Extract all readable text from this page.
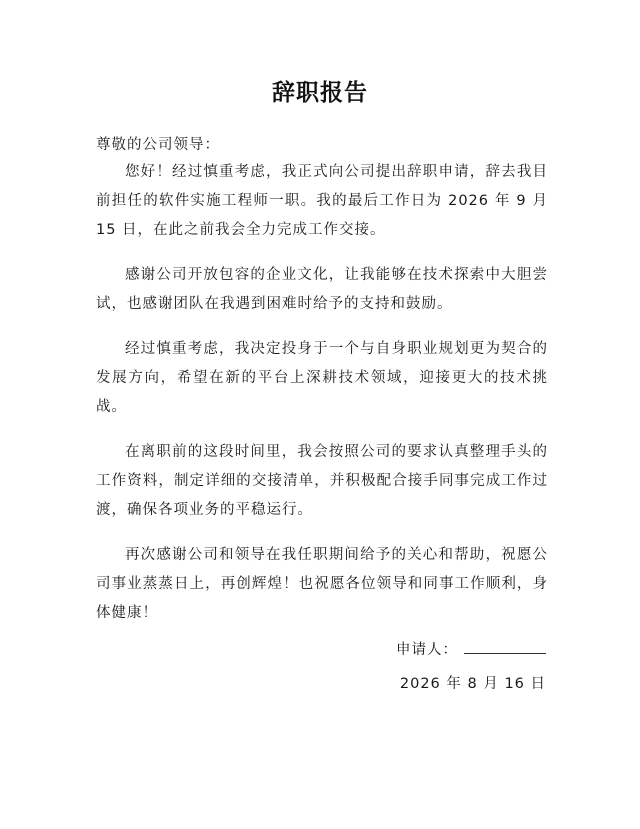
辞职报告
尊敬的公司领导：

您好！经过慎重考虑，我正式向公司提出辞职申请，辞去我目前担任的软件实施工程师一职。我的最后工作日为 2026 年 9 月 15 日，在此之前我会全力完成工作交接。

感谢公司开放包容的企业文化，让我能够在技术探索中大胆尝试，也感谢团队在我遇到困难时给予的支持和鼓励。

经过慎重考虑，我决定投身于一个与自身职业规划更为契合的发展方向，希望在新的平台上深耕技术领域，迎接更大的技术挑战。

在离职前的这段时间里，我会按照公司的要求认真整理手头的工作资料，制定详细的交接清单，并积极配合接手同事完成工作过渡，确保各项业务的平稳运行。

再次感谢公司和领导在我任职期间给予的关心和帮助，祝愿公司事业蒸蒸日上，再创辉煌！也祝愿各位领导和同事工作顺利，身体健康！

申请人：
2026 年 8 月 16 日
